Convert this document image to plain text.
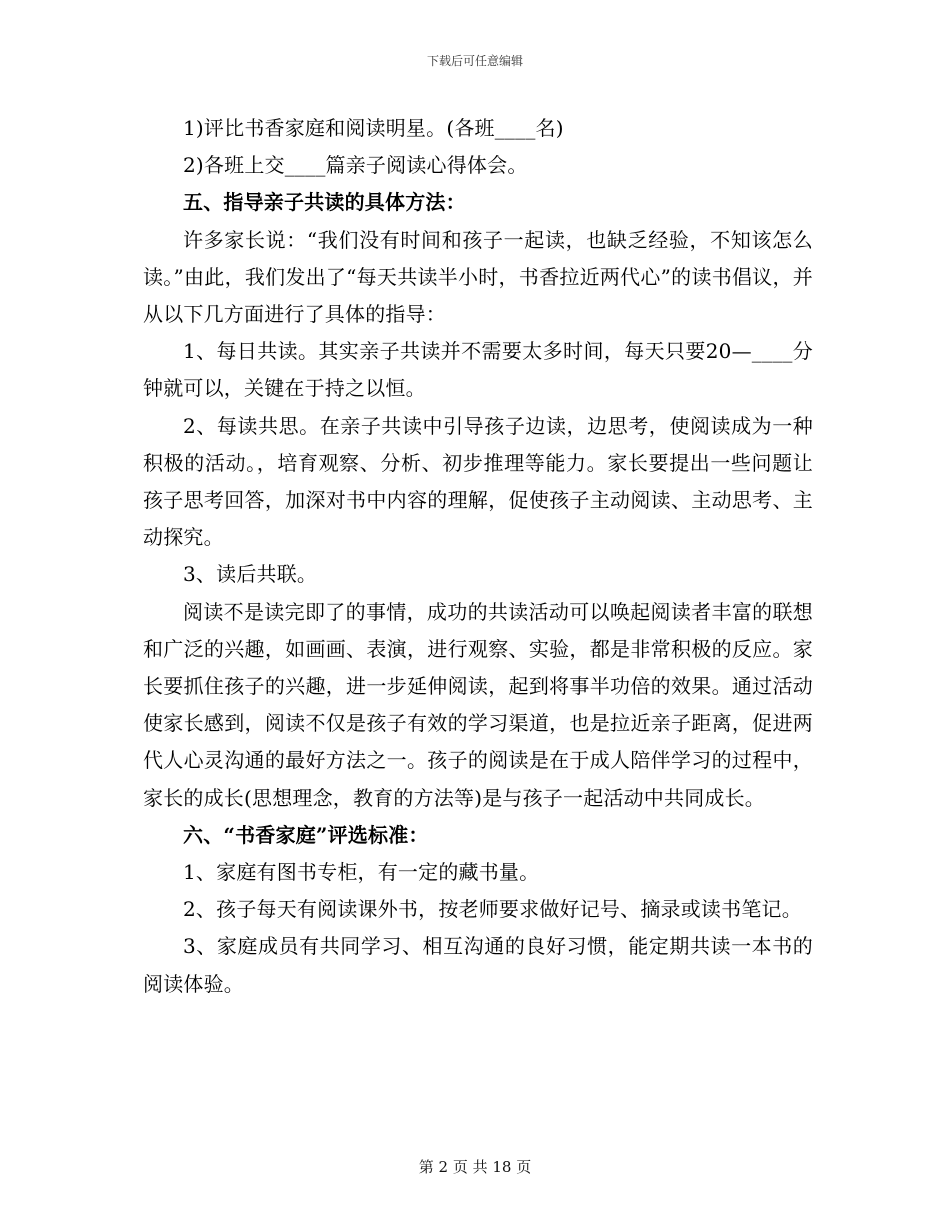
下载后可任意编辑

1)评比书香家庭和阅读明星。(各班____名)

2)各班上交____篇亲子阅读心得体会。

五、指导亲子共读的具体方法：

许多家长说：“我们没有时间和孩子一起读，也缺乏经验，不知该怎么读。”由此，我们发出了“每天共读半小时，书香拉近两代心”的读书倡议，并从以下几方面进行了具体的指导：

1、每日共读。其实亲子共读并不需要太多时间，每天只要20—____分钟就可以，关键在于持之以恒。

2、每读共思。在亲子共读中引导孩子边读，边思考，使阅读成为一种积极的活动。，培育观察、分析、初步推理等能力。家长要提出一些问题让孩子思考回答，加深对书中内容的理解，促使孩子主动阅读、主动思考、主动探究。

3、读后共联。

阅读不是读完即了的事情，成功的共读活动可以唤起阅读者丰富的联想和广泛的兴趣，如画画、表演，进行观察、实验，都是非常积极的反应。家长要抓住孩子的兴趣，进一步延伸阅读，起到将事半功倍的效果。通过活动使家长感到，阅读不仅是孩子有效的学习渠道，也是拉近亲子距离，促进两代人心灵沟通的最好方法之一。孩子的阅读是在于成人陪伴学习的过程中，家长的成长(思想理念，教育的方法等)是与孩子一起活动中共同成长。

六、“书香家庭”评选标准：

1、家庭有图书专柜，有一定的藏书量。

2、孩子每天有阅读课外书，按老师要求做好记号、摘录或读书笔记。

3、家庭成员有共同学习、相互沟通的良好习惯，能定期共读一本书的阅读体验。

第 2 页 共 18 页
